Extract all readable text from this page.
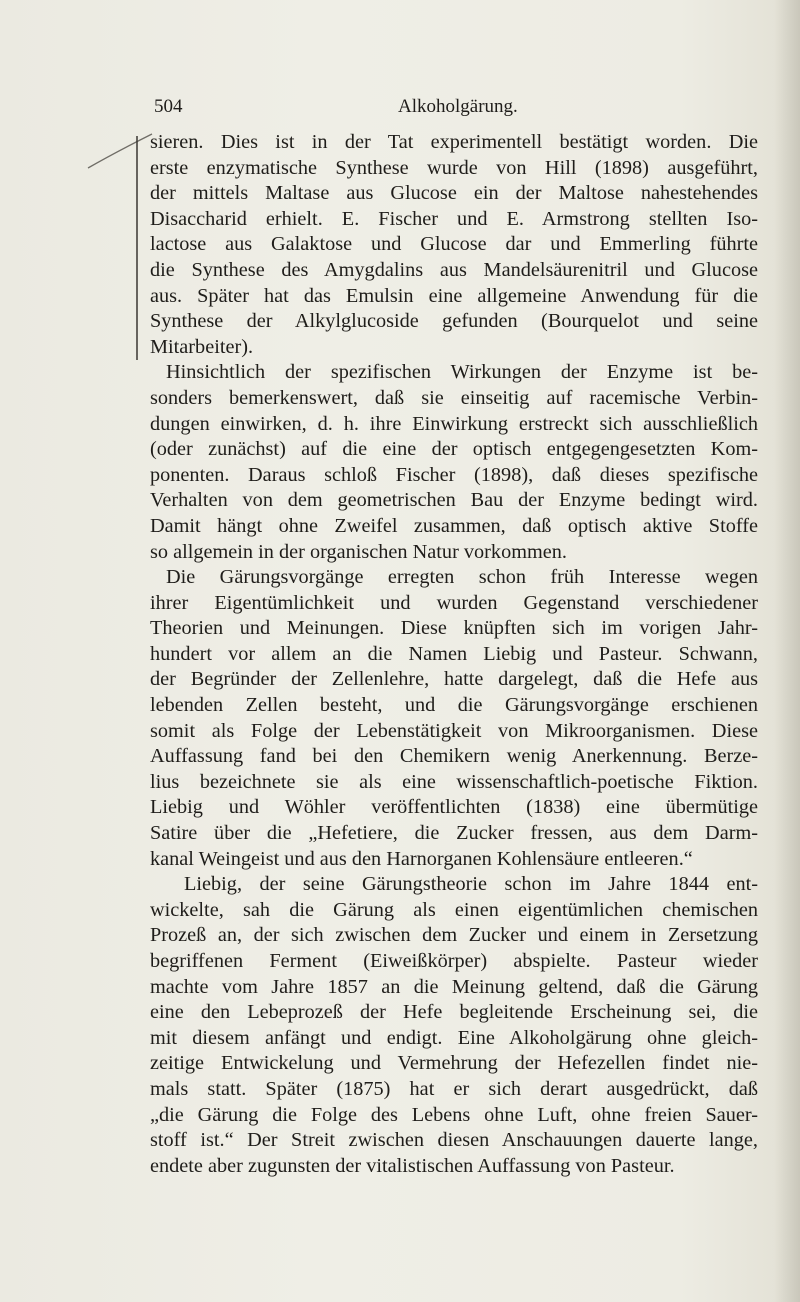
504	Alkoholgärung.
sieren. Dies ist in der Tat experimentell bestätigt worden. Die
erste enzymatische Synthese wurde von Hill (1898) ausgeführt,
der mittels Maltase aus Glucose ein der Maltose nahestehendes
Disaccharid erhielt. E. Fischer und E. Armstrong stellten Iso-
lactose aus Galaktose und Glucose dar und Emmerling führte
die Synthese des Amygdalins aus Mandelsäurenitril und Glucose
aus. Später hat das Emulsin eine allgemeine Anwendung für die
Synthese der Alkylglucoside gefunden (Bourquelot und seine
Mitarbeiter).
Hinsichtlich der spezifischen Wirkungen der Enzyme ist be-
sonders bemerkenswert, daß sie einseitig auf racemische Verbin-
dungen einwirken, d. h. ihre Einwirkung erstreckt sich ausschließlich
(oder zunächst) auf die eine der optisch entgegengesetzten Kom-
ponenten. Daraus schloß Fischer (1898), daß dieses spezifische
Verhalten von dem geometrischen Bau der Enzyme bedingt wird.
Damit hängt ohne Zweifel zusammen, daß optisch aktive Stoffe
so allgemein in der organischen Natur vorkommen.
Die Gärungsvorgänge erregten schon früh Interesse wegen
ihrer Eigentümlichkeit und wurden Gegenstand verschiedener
Theorien und Meinungen. Diese knüpften sich im vorigen Jahr-
hundert vor allem an die Namen Liebig und Pasteur. Schwann,
der Begründer der Zellenlehre, hatte dargelegt, daß die Hefe aus
lebenden Zellen besteht, und die Gärungsvorgänge erschienen
somit als Folge der Lebenstätigkeit von Mikroorganismen. Diese
Auffassung fand bei den Chemikern wenig Anerkennung. Berze-
lius bezeichnete sie als eine wissenschaftlich-poetische Fiktion.
Liebig und Wöhler veröffentlichten (1838) eine übermütige
Satire über die „Hefetiere, die Zucker fressen, aus dem Darm-
kanal Weingeist und aus den Harnorganen Kohlensäure entleeren.“
Liebig, der seine Gärungstheorie schon im Jahre 1844 ent-
wickelte, sah die Gärung als einen eigentümlichen chemischen
Prozeß an, der sich zwischen dem Zucker und einem in Zersetzung
begriffenen Ferment (Eiweißkörper) abspielte. Pasteur wieder
machte vom Jahre 1857 an die Meinung geltend, daß die Gärung
eine den Lebeprozeß der Hefe begleitende Erscheinung sei, die
mit diesem anfängt und endigt. Eine Alkoholgärung ohne gleich-
zeitige Entwickelung und Vermehrung der Hefezellen findet nie-
mals statt. Später (1875) hat er sich derart ausgedrückt, daß
„die Gärung die Folge des Lebens ohne Luft, ohne freien Sauer-
stoff ist.“ Der Streit zwischen diesen Anschauungen dauerte lange,
endete aber zugunsten der vitalistischen Auffassung von Pasteur.
